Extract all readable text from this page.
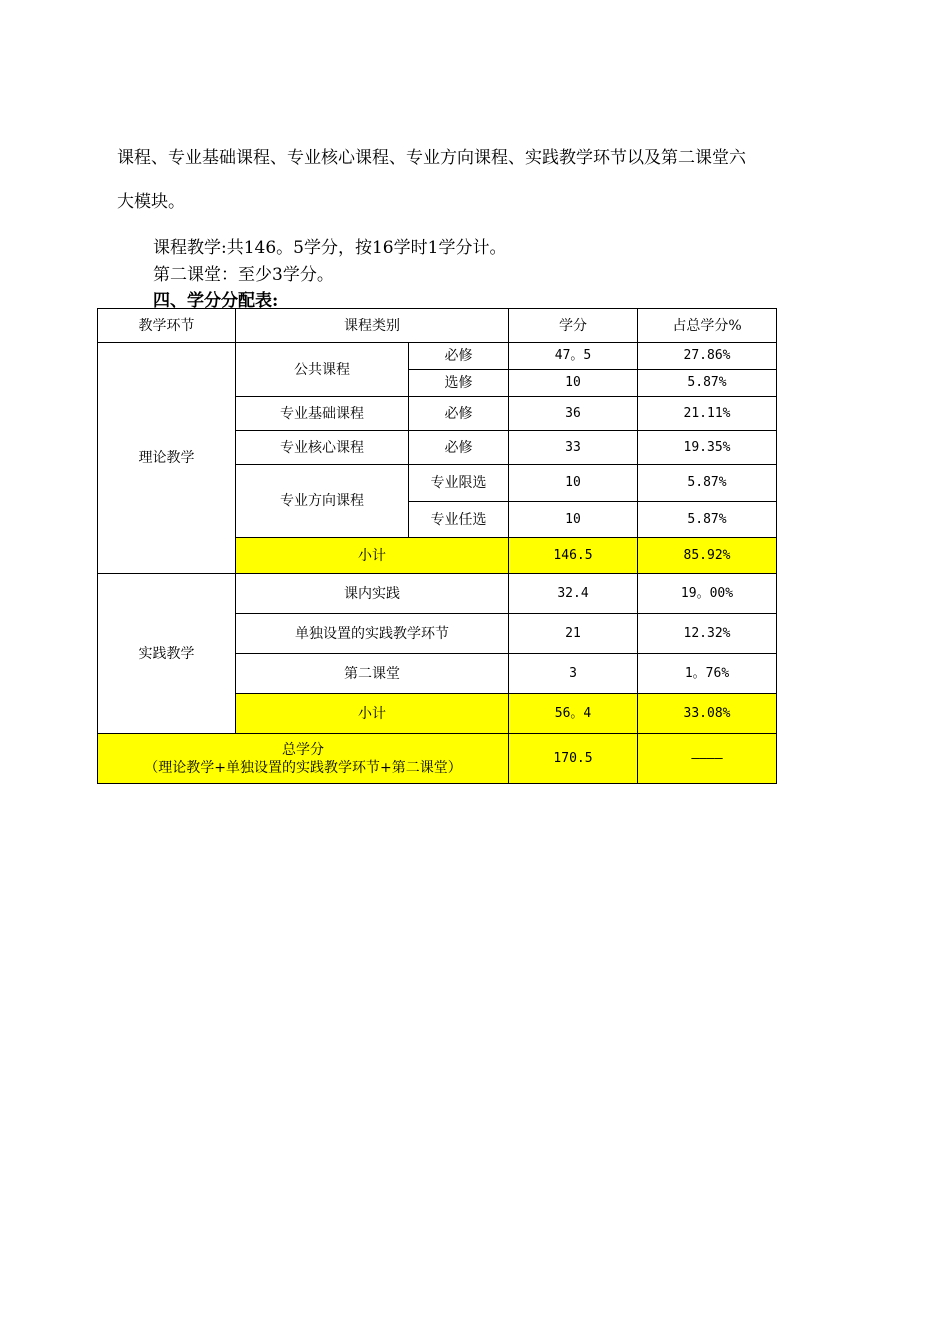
课程、专业基础课程、专业核心课程、专业方向课程、实践教学环节以及第二课堂六
大模块。
课程教学:共146。5学分，按16学时1学分计。
第二课堂：至少3学分。
四、学分分配表:
教学环节	课程类别		学分	占总学分%
理论教学	公共课程	必修	47。5	27.86%
		选修	10	5.87%
	专业基础课程	必修	36	21.11%
	专业核心课程	必修	33	19.35%
	专业方向课程	专业限选	10	5.87%
		专业任选	10	5.87%
	小计		146.5	85.92%
实践教学	课内实践		32.4	19。00%
	单独设置的实践教学环节		21	12.32%
	第二课堂		3	1。76%
	小计		56。4	33.08%

总学分
（理论教学+单独设置的实践教学环节+第二课堂）			170.5	————
